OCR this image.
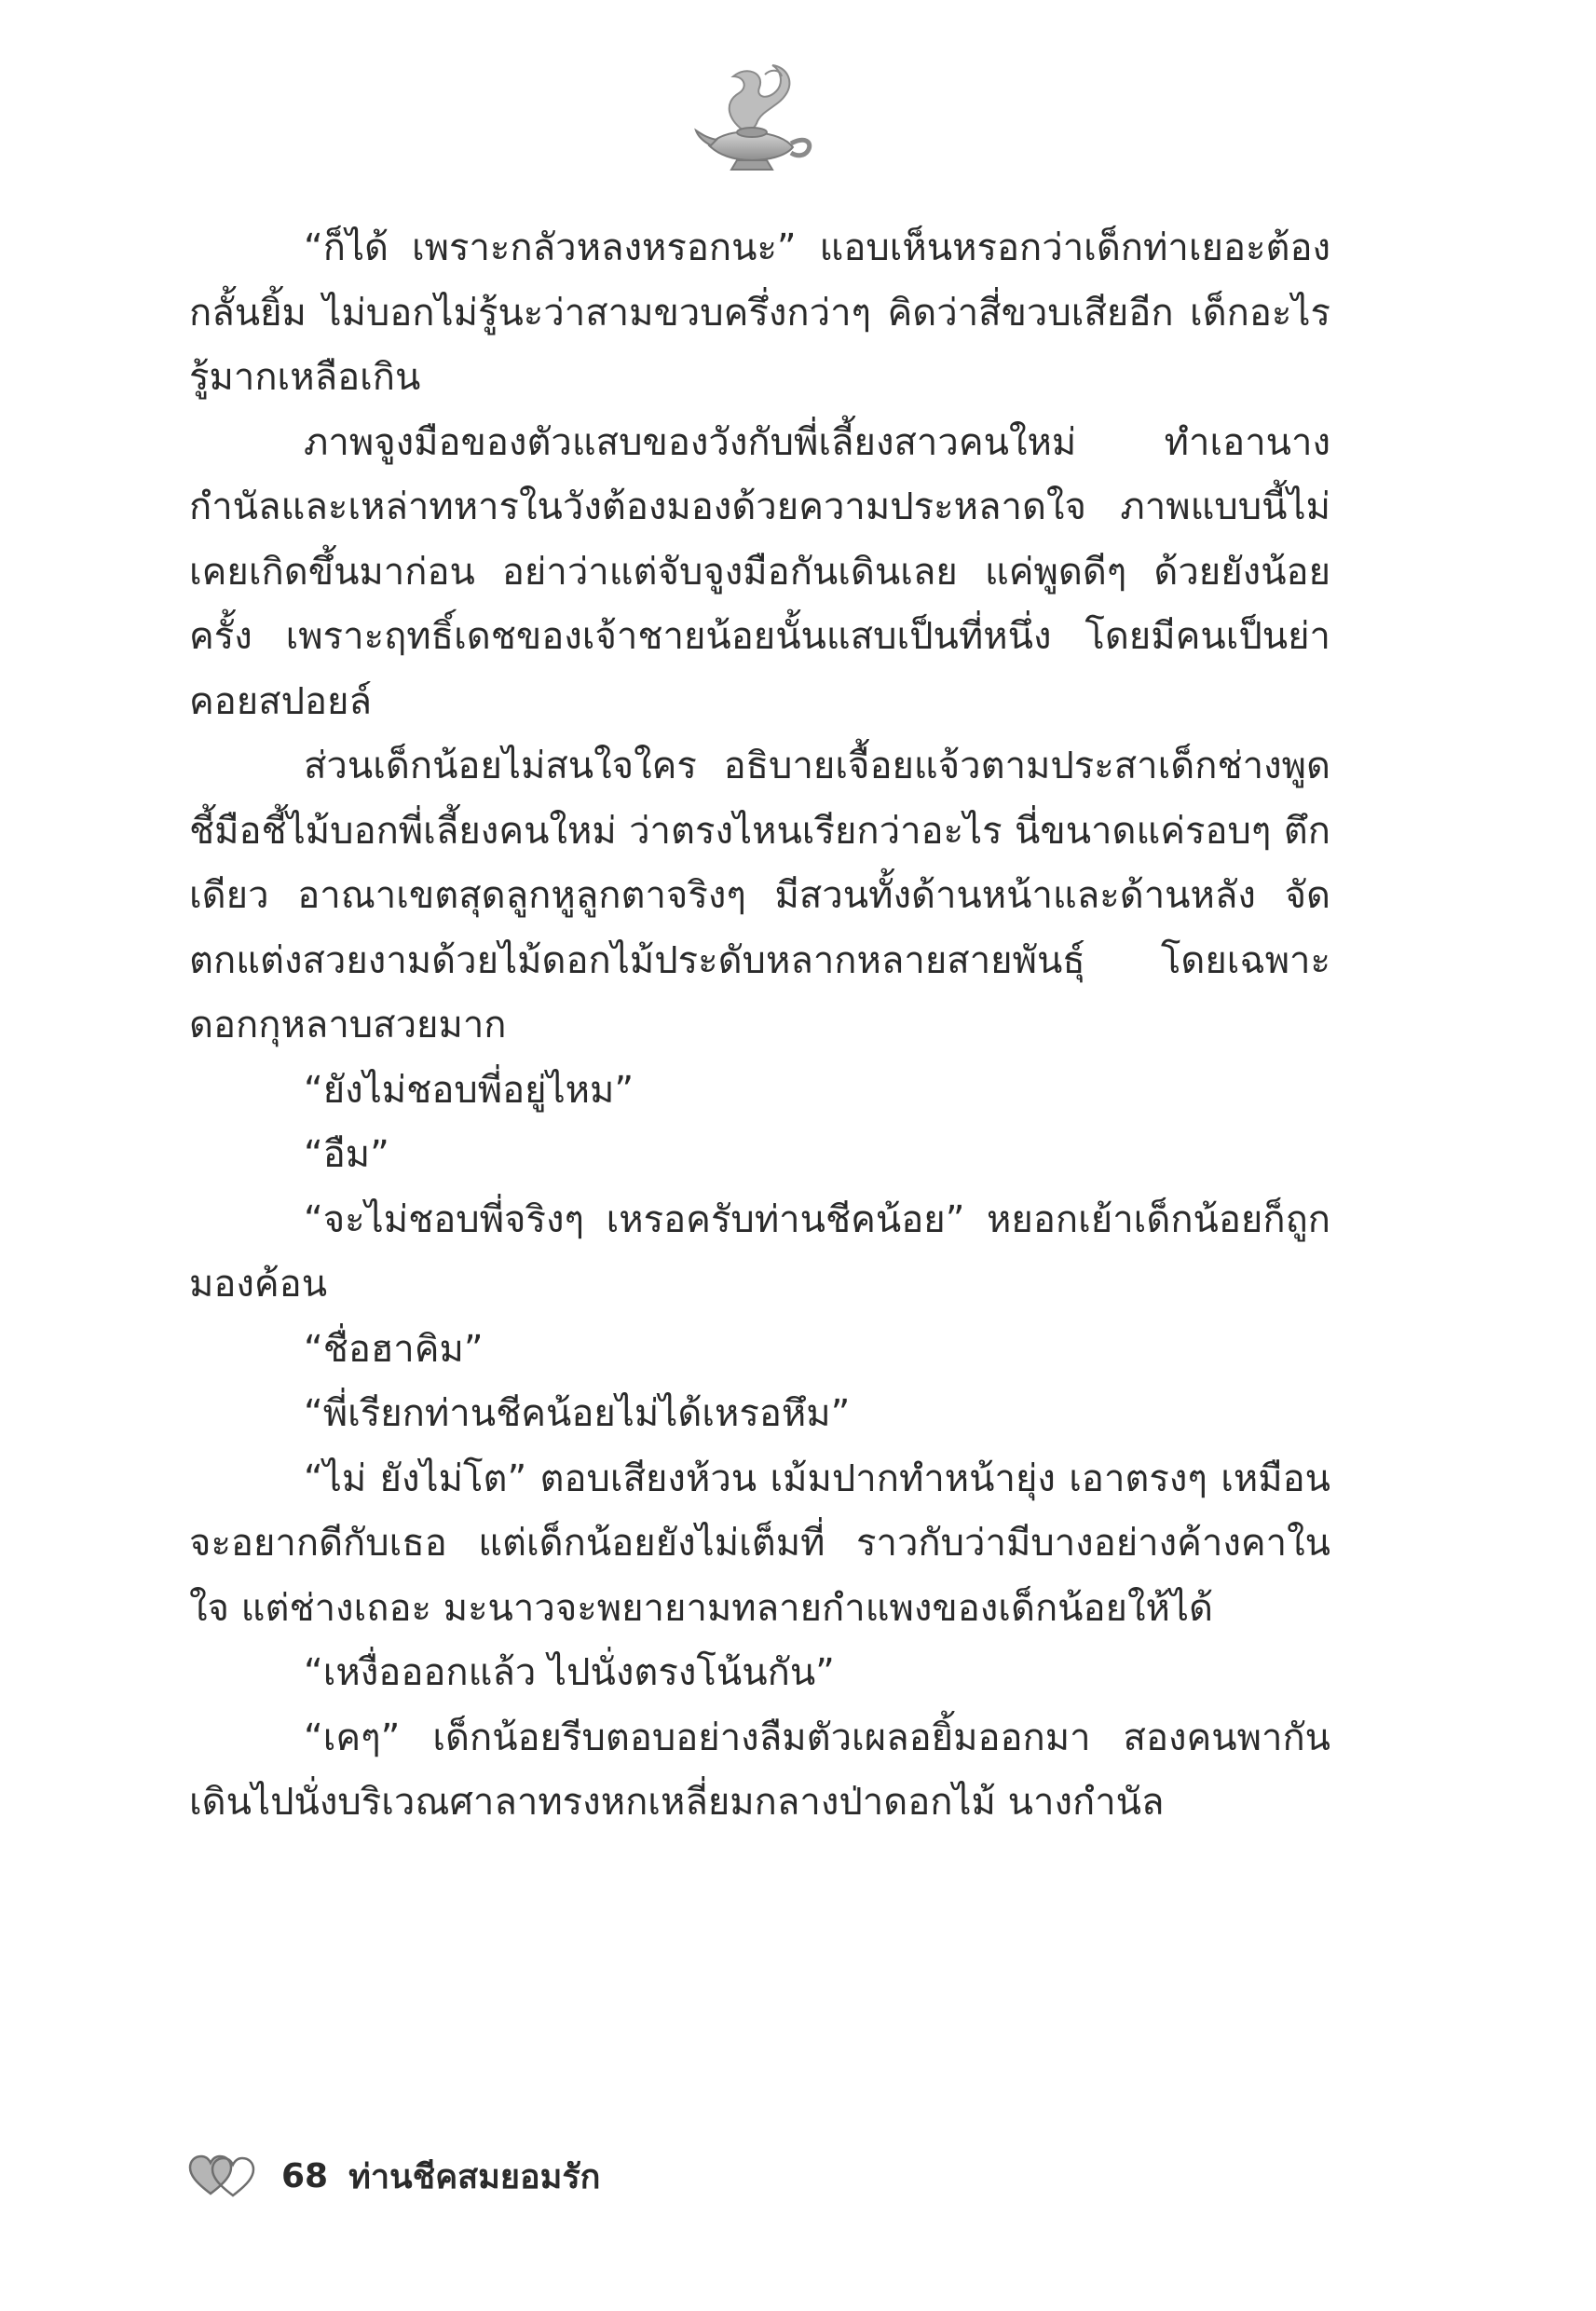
“ก็ได้ เพราะกลัวหลงหรอกนะ” แอบเห็นหรอกว่าเด็กท่าเยอะต้องกลั้นยิ้ม ไม่บอกไม่รู้นะว่าสามขวบครึ่งกว่าๆ คิดว่าสี่ขวบเสียอีก เด็กอะไรรู้มากเหลือเกิน

ภาพจูงมือของตัวแสบของวังกับพี่เลี้ยงสาวคนใหม่ ทำเอานางกำนัลและเหล่าทหารในวังต้องมองด้วยความประหลาดใจ ภาพแบบนี้ไม่เคยเกิดขึ้นมาก่อน อย่าว่าแต่จับจูงมือกันเดินเลย แค่พูดดีๆ ด้วยยังน้อยครั้ง เพราะฤทธิ์เดชของเจ้าชายน้อยนั้นแสบเป็นที่หนึ่ง โดยมีคนเป็นย่าคอยสปอยล์

ส่วนเด็กน้อยไม่สนใจใคร อธิบายเจื้อยแจ้วตามประสาเด็กช่างพูด ชี้มือชี้ไม้บอกพี่เลี้ยงคนใหม่ ว่าตรงไหนเรียกว่าอะไร นี่ขนาดแค่รอบๆ ตึกเดียว อาณาเขตสุดลูกหูลูกตาจริงๆ มีสวนทั้งด้านหน้าและด้านหลัง จัดตกแต่งสวยงามด้วยไม้ดอกไม้ประดับหลากหลายสายพันธุ์ โดยเฉพาะดอกกุหลาบสวยมาก

“ยังไม่ชอบพี่อยู่ไหม”

“อืม”

“จะไม่ชอบพี่จริงๆ เหรอครับท่านชีคน้อย” หยอกเย้าเด็กน้อยก็ถูกมองค้อน

“ชื่อฮาคิม”

“พี่เรียกท่านชีคน้อยไม่ได้เหรอหึม”

“ไม่ ยังไม่โต” ตอบเสียงห้วน เม้มปากทำหน้ายุ่ง เอาตรงๆ เหมือนจะอยากดีกับเธอ แต่เด็กน้อยยังไม่เต็มที่ ราวกับว่ามีบางอย่างค้างคาในใจ แต่ช่างเถอะ มะนาวจะพยายามทลายกำแพงของเด็กน้อยให้ได้

“เหงื่อออกแล้ว ไปนั่งตรงโน้นกัน”

“เคๆ” เด็กน้อยรีบตอบอย่างลืมตัวเผลอยิ้มออกมา สองคนพากันเดินไปนั่งบริเวณศาลาทรงหกเหลี่ยมกลางป่าดอกไม้ นางกำนัล

68 ท่านชีคสมยอมรัก
